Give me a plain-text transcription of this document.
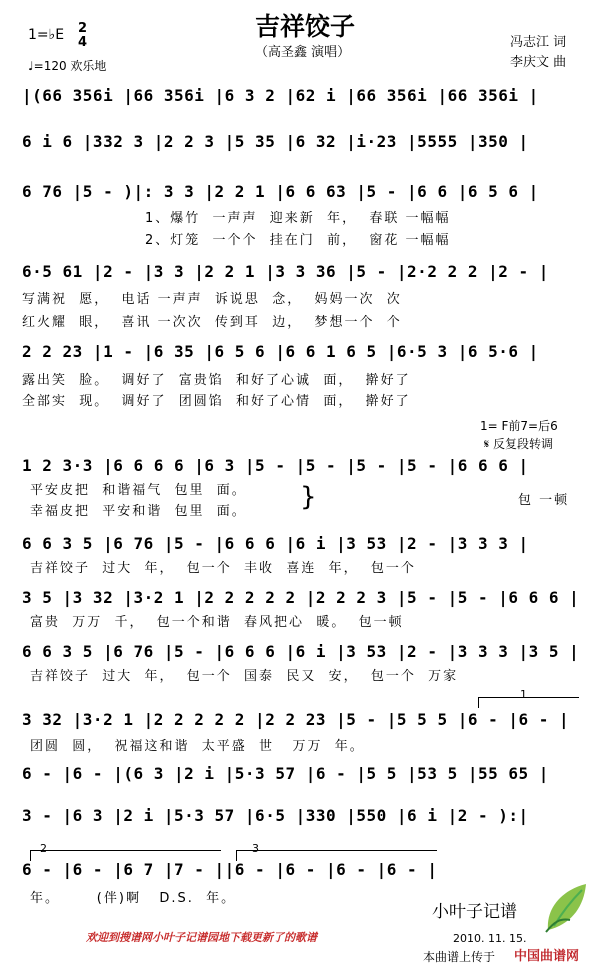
1=♭E 2
4
♩=120 欢乐地
吉祥饺子
（高圣鑫 演唱）
冯志江 词
李庆文 曲
|(66 356i |66 356i |6 3 2 |62 i |66 356i |66 356i |
6 i 6 |332 3 |2 2 3 |5 35 |6 32 |i·23 |5555 |350 |
6 76 |5 - )|: 3 3 |2 2 1 |6 6 63 |5 - |6 6 |6 5 6 |
1、爆竹  一声声  迎来新  年，  春联 一幅幅
2、灯笼  一个个  挂在门  前，  窗花 一幅幅
6·5 61 |2 - |3 3 |2 2 1 |3 3 36 |5 - |2·2 2 2 |2 - |
写满祝  愿，  电话 一声声  诉说思  念，  妈妈一次  次
红火耀  眼，  喜讯 一次次  传到耳  边，  梦想一个  个
2 2 23 |1 - |6 35 |6 5 6 |6 6 1 6 5 |6·5 3 |6 5·6 |
露出笑  脸。  调好了  富贵馅  和好了心诚  面，  擀好了
全部实  现。  调好了  团圆馅  和好了心情  面，  擀好了
1= F前7=后6
𝄋 反复段转调
1 2 3·3 |6 6 6 6 |6 3 |5 - |5 - |5 - |5 - |6 6 6 |
平安皮把  和谐福气  包里  面。
幸福皮把  平安和谐  包里  面。 }	包 一顿
6 6 3 5 |6 76 |5 - |6 6 6 |6 i |3 53 |2 - |3 3 3 |
吉祥饺子  过大  年，  包一个  丰收  喜连  年，  包一个
3 5 |3 32 |3·2 1 |2 2 2 2 2 |2 2 2 3 |5 - |5 - |6 6 6 |
富贵  万万  千，  包一个和谐  春风把心  暖。  包一顿
6 6 3 5 |6 76 |5 - |6 6 6 |6 i |3 53 |2 - |3 3 3 |3 5 |
吉祥饺子  过大  年，  包一个  国泰  民又  安，  包一个  万家
1
3 32 |3·2 1 |2 2 2 2 2 |2 2 23 |5 - |5 5 5 |6 - |6 - |
团圆  圆，  祝福这和谐  太平盛  世   万万  年。
6 - |6 - |(6 3 |2 i |5·3 57 |6 - |5 5 |53 5 |55 65 |
3 - |6 3 |2 i |5·3 57 |6·5 |330 |550 |6 i |2 - ):|
2	3
6 - |6 - |6 7 |7 - ||6 - |6 - |6 - |6 - |
年。      (伴)啊   D.S.  年。
小叶子记谱
欢迎到搜谱网小叶子记谱园地下载更新了的歌谱	2010. 11. 15.
本曲谱上传于 中国曲谱网
